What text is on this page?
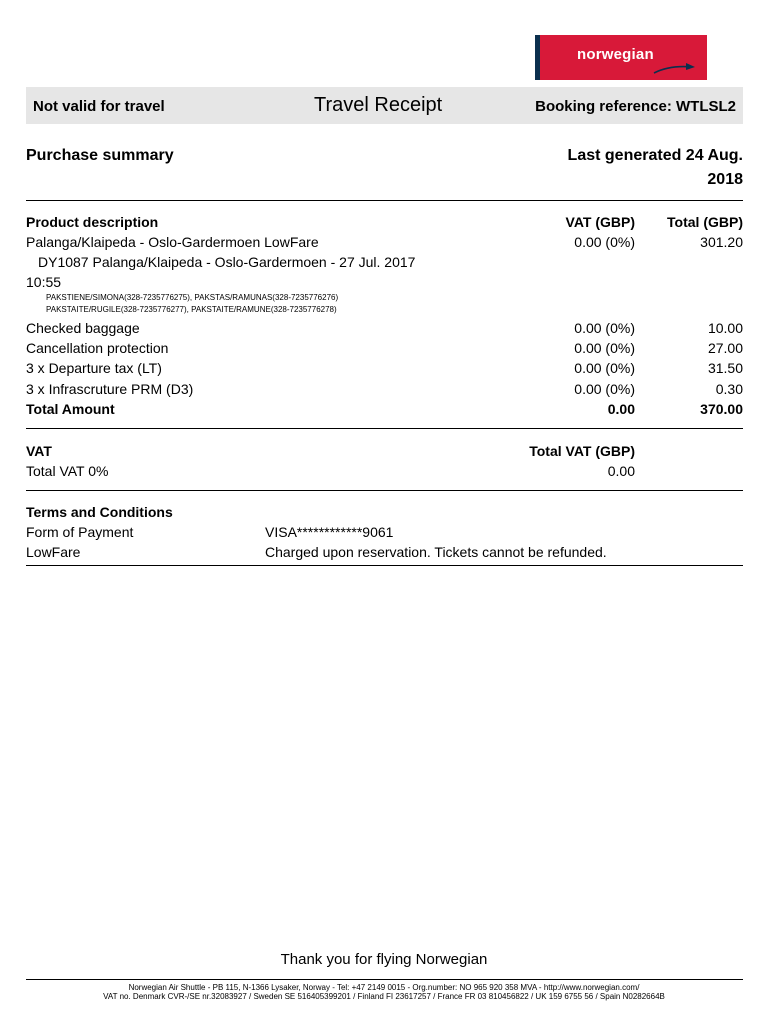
norwegian
Not valid for travel	Travel Receipt	Booking reference: WTLSL2
Purchase summary	Last generated 24 Aug.
2018
Product description	VAT (GBP) Total (GBP)
Palanga/Klaipeda - Oslo-Gardermoen LowFare	0.00 (0%)	301.20
DY1087 Palanga/Klaipeda - Oslo-Gardermoen - 27 Jul. 2017
10:55
PAKSTIENE/SIMONA(328-7235776275), PAKSTAS/RAMUNAS(328-7235776276)
PAKSTAITE/RUGILE(328-7235776277), PAKSTAITE/RAMUNE(328-7235776278)
Checked baggage	0.00 (0%)	10.00
Cancellation protection	0.00 (0%)	27.00
3 x Departure tax (LT)	0.00 (0%)	31.50
3 x Infrascruture PRM (D3)	0.00 (0%)	0.30
Total Amount	0.00	370.00
VAT	Total VAT (GBP)
Total VAT 0%	0.00
Terms and Conditions
Form of Payment	VISA************9061
LowFare	Charged upon reservation. Tickets cannot be refunded.
Thank you for flying Norwegian
Norwegian Air Shuttle - PB 115, N-1366 Lysaker, Norway - Tel: +47 2149 0015 - Org.number: NO 965 920 358 MVA - http://www.norwegian.com/
VAT no. Denmark CVR-/SE nr.32083927 / Sweden SE 516405399201 / Finland FI 23617257 / France FR 03 810456822 / UK 159 6755 56 / Spain N0282664B
